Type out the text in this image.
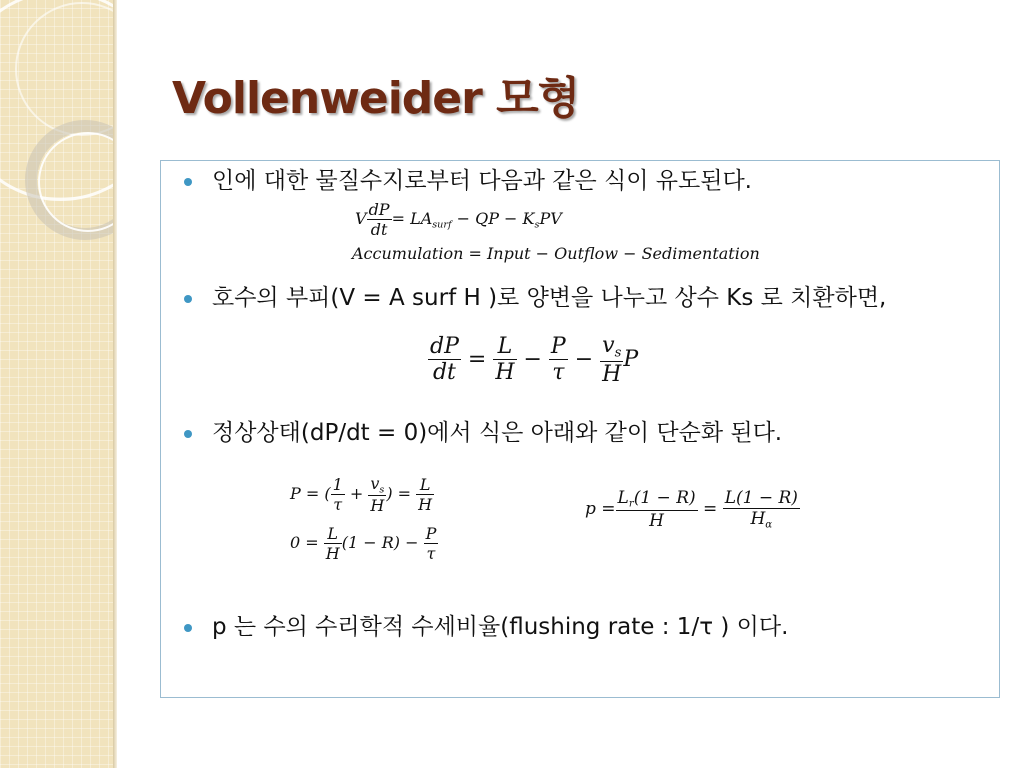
Vollenweider 모형
인에 대한 물질수지로부터 다음과 같은 식이 유도된다.
V $\frac{dP}{dt} = LA_{surf}$ − QP − $K_sPV$
Accumulation = Input − Outflow − Sedimentation
호수의 부피(V = A surf H )로 양변을 나누고 상수 Ks 로 치환하면,
$\frac{dP}{dt} = \frac{L}{H} - \frac{P}{\tau} - \frac{v_s}{H}$ P
정상상태(dP/dt = 0)에서 식은 아래와 같이 단순화 된다.
P = ( $\frac{1}{\tau} + \frac{v_s}{H}$ ) = $\frac{L}{H}$
$0 = \frac{L}{H} (1 - R) - \frac{P}{\tau}$
$p = \frac{L_r(1 - R)}{H} = \frac{L(1 - R)}{H_\alpha}$
p 는 수의 수리학적 수세비율(flushing rate : 1/τ ) 이다.
